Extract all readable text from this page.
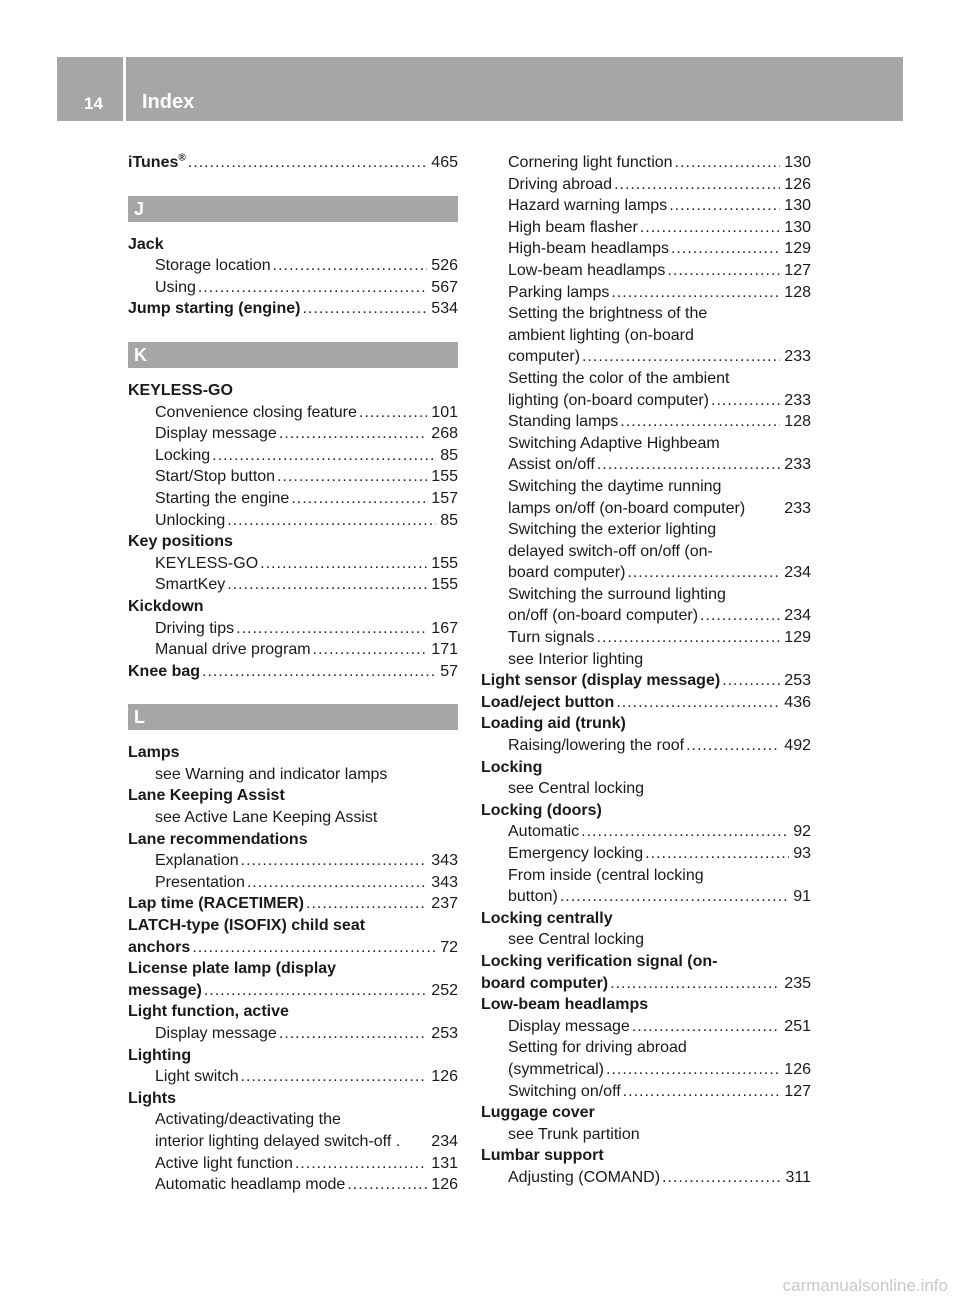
14 Index
iTunes® .....	465
J
Jack
Storage location .....	526
Using .....	567
Jump starting (engine) .....	534
K
KEYLESS-GO
Convenience closing feature .....	101
Display message .....	268
Locking .....	85
Start/Stop button .....	155
Starting the engine .....	157
Unlocking .....	85
Key positions
KEYLESS-GO .....	155
SmartKey .....	155
Kickdown
Driving tips .....	167
Manual drive program .....	171
Knee bag .....	57
L
Lamps
see Warning and indicator lamps
Lane Keeping Assist
see Active Lane Keeping Assist
Lane recommendations
Explanation .....	343
Presentation .....	343
Lap time (RACETIMER) .....	237
LATCH-type (ISOFIX) child seat
anchors .....	72
License plate lamp (display
message) .....	252
Light function, active
Display message .....	253
Lighting
Light switch .....	126
Lights
Activating/deactivating the
interior lighting delayed switch-off . 234
Active light function .....	131
Automatic headlamp mode .....	126
Cornering light function .....	130
Driving abroad .....	126
Hazard warning lamps .....	130
High beam flasher .....	130
High-beam headlamps .....	129
Low-beam headlamps .....	127
Parking lamps .....	128
Setting the brightness of the
ambient lighting (on-board
computer) .....	233
Setting the color of the ambient
lighting (on-board computer) .....	233
Standing lamps .....	128
Switching Adaptive Highbeam
Assist on/off .....	233
Switching the daytime running
lamps on/off (on-board computer) 233
Switching the exterior lighting
delayed switch-off on/off (on-
board computer) .....	234
Switching the surround lighting
on/off (on-board computer) .....	234
Turn signals .....	129
see Interior lighting
Light sensor (display message) .....	253
Load/eject button .....	436
Loading aid (trunk)
Raising/lowering the roof .....	492
Locking
see Central locking
Locking (doors)
Automatic .....	92
Emergency locking .....	93
From inside (central locking
button) .....	91
Locking centrally
see Central locking
Locking verification signal (on-
board computer) .....	235
Low-beam headlamps
Display message .....	251
Setting for driving abroad
(symmetrical) .....	126
Switching on/off .....	127
Luggage cover
see Trunk partition
Lumbar support
Adjusting (COMAND) .....	311
carmanualsonline.info
